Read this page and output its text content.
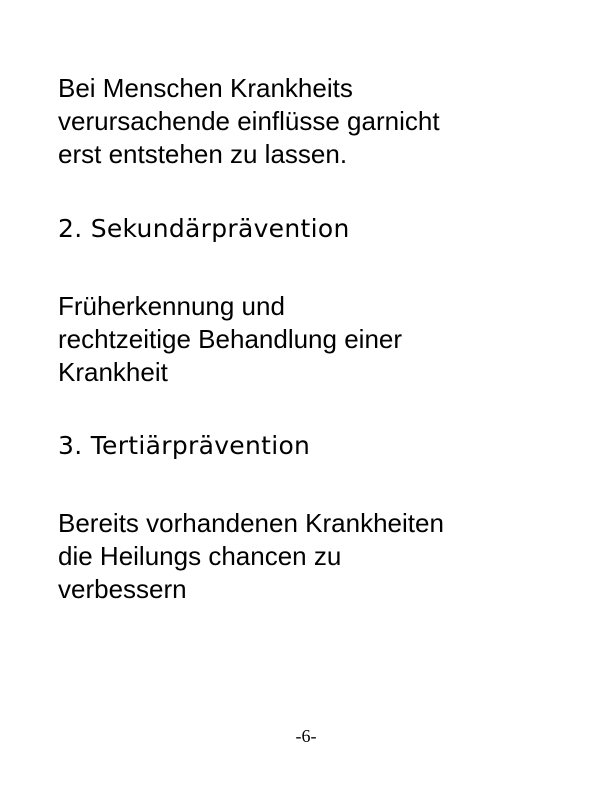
Bei Menschen Krankheits
verursachende einflüsse garnicht
erst entstehen zu lassen.

2. Sekundärprävention

Früherkennung und
rechtzeitige Behandlung einer
Krankheit

3. Tertiärprävention

Bereits vorhandenen Krankheiten
die Heilungs chancen zu
verbessern

-6-
